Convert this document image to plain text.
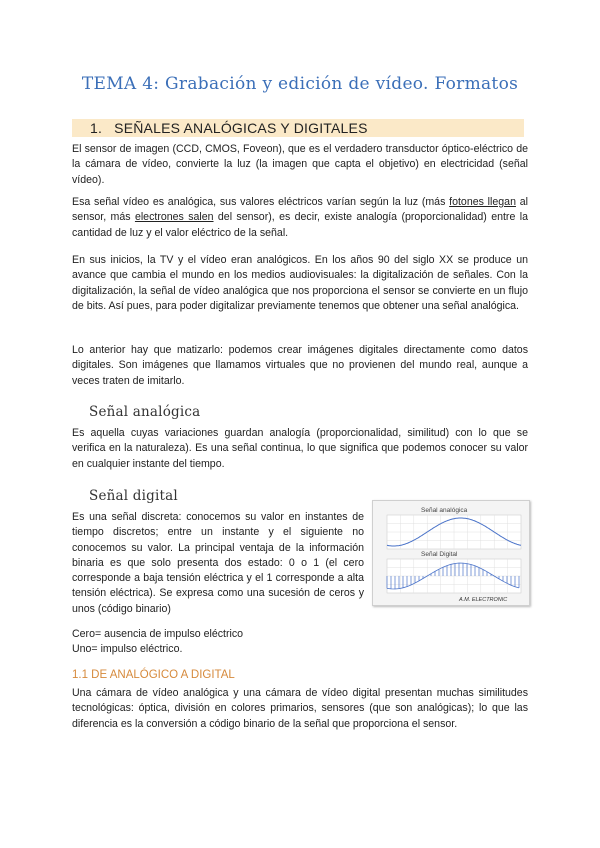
TEMA 4: Grabación y edición de vídeo. Formatos
1. SEÑALES ANALÓGICAS Y DIGITALES

El sensor de imagen (CCD, CMOS, Foveon), que es el verdadero transductor óptico-eléctrico de la cámara de vídeo, convierte la luz (la imagen que capta el objetivo) en electricidad (señal vídeo).

Esa señal vídeo es analógica, sus valores eléctricos varían según la luz (más fotones llegan al sensor, más electrones salen del sensor), es decir, existe analogía (proporcionalidad) entre la cantidad de luz y el valor eléctrico de la señal.

En sus inicios, la TV y el vídeo eran analógicos. En los años 90 del siglo XX se produce un avance que cambia el mundo en los medios audiovisuales: la digitalización de señales. Con la digitalización, la señal de vídeo analógica que nos proporciona el sensor se convierte en un flujo de bits. Así pues, para poder digitalizar previamente tenemos que obtener una señal analógica.

Lo anterior hay que matizarlo: podemos crear imágenes digitales directamente como datos digitales. Son imágenes que llamamos virtuales que no provienen del mundo real, aunque a veces traten de imitarlo.

Señal analógica

Es aquella cuyas variaciones guardan analogía (proporcionalidad, similitud) con lo que se verifica en la naturaleza). Es una señal continua, lo que significa que podemos conocer su valor en cualquier instante del tiempo.

Señal digital

Es una señal discreta: conocemos su valor en instantes de tiempo discretos; entre un instante y el siguiente no conocemos su valor. La principal ventaja de la información binaria es que solo presenta dos estado: 0 o 1 (el cero corresponde a baja tensión eléctrica y el 1 corresponde a alta tensión eléctrica). Se expresa como una sucesión de ceros y unos (código binario)

Señal analógica
Señal Digital
A.M. ELECTRONIC

Cero= ausencia de impulso eléctrico

Uno= impulso eléctrico.

1.1 DE ANALÓGICO A DIGITAL

Una cámara de vídeo analógica y una cámara de vídeo digital presentan muchas similitudes tecnológicas: óptica, división en colores primarios, sensores (que son analógicas); lo que las diferencia es la conversión a código binario de la señal que proporciona el sensor.
